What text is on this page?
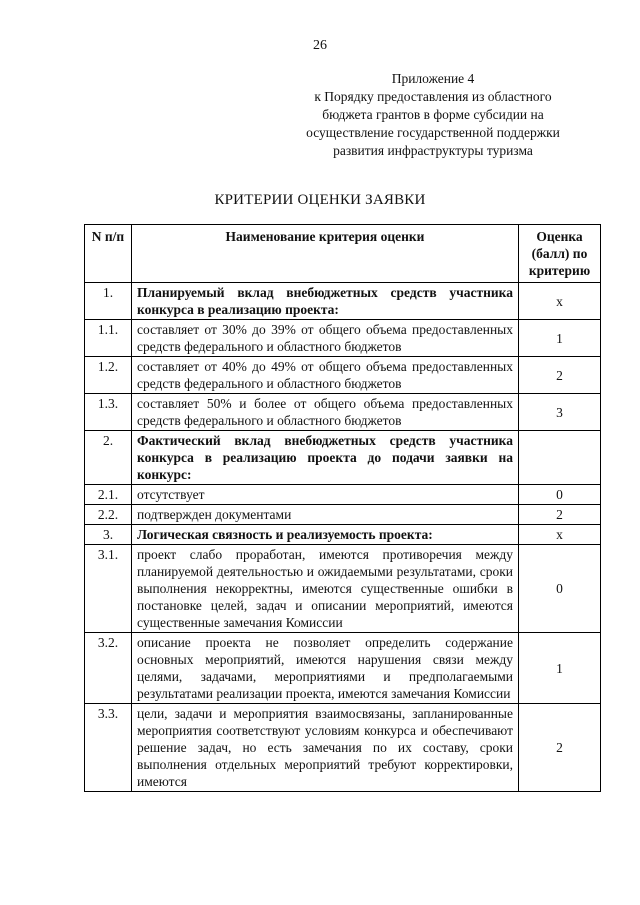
26
Приложение 4
к Порядку предоставления из областного
бюджета грантов в форме субсидии на
осуществление государственной поддержки
развития инфраструктуры туризма
КРИТЕРИИ ОЦЕНКИ ЗАЯВКИ
N п/п	Наименование критерия оценки	Оценка (балл) по критерию
1.	Планируемый вклад внебюджетных средств участника конкурса в реализацию проекта:	x
1.1.	составляет от 30% до 39% от общего объема предоставленных средств федерального и областного бюджетов	1
1.2.	составляет от 40% до 49% от общего объема предоставленных средств федерального и областного бюджетов	2
1.3.	составляет 50% и более от общего объема предоставленных средств федерального и областного бюджетов	3
2.	Фактический вклад внебюджетных средств участника конкурса в реализацию проекта до подачи заявки на конкурс:	
2.1.	отсутствует	0
2.2.	подтвержден документами	2
3.	Логическая связность и реализуемость проекта:	x
3.1.	проект слабо проработан, имеются противоречия между планируемой деятельностью и ожидаемыми результатами, сроки выполнения некорректны, имеются существенные ошибки в постановке целей, задач и описании мероприятий, имеются существенные замечания Комиссии	0
3.2.	описание проекта не позволяет определить содержание основных мероприятий, имеются нарушения связи между целями, задачами, мероприятиями и предполагаемыми результатами реализации проекта, имеются замечания Комиссии	1
3.3.	цели, задачи и мероприятия взаимосвязаны, запланированные мероприятия соответствуют условиям конкурса и обеспечивают решение задач, но есть замечания по их составу, сроки выполнения отдельных мероприятий требуют корректировки, имеются	2
